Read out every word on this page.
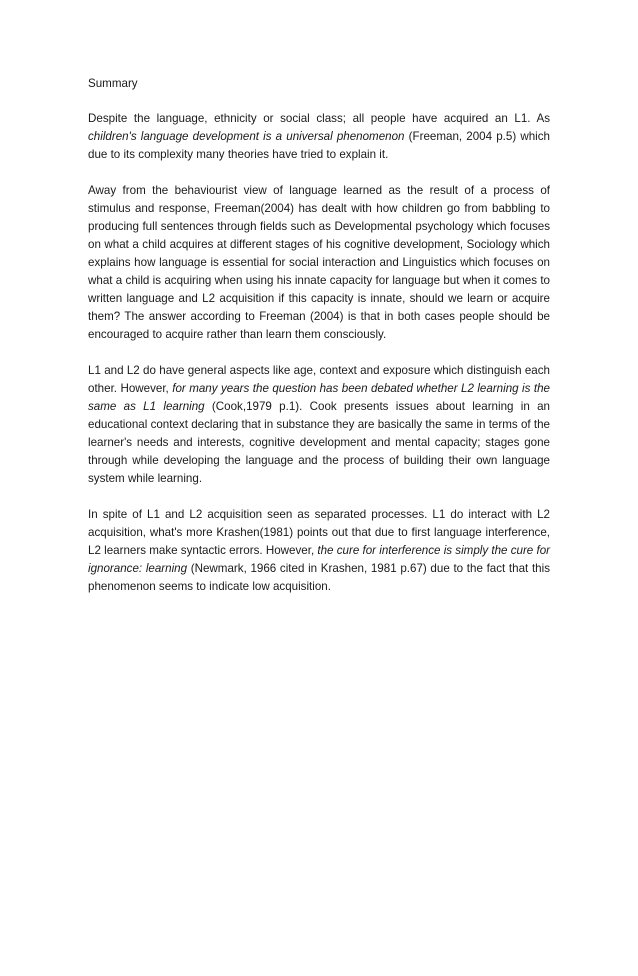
Summary

Despite the language, ethnicity or social class; all people have acquired an L1. As children's language development is a universal phenomenon (Freeman, 2004 p.5) which due to its complexity many theories have tried to explain it.

Away from the behaviourist view of language learned as the result of a process of stimulus and response, Freeman(2004) has dealt with how children go from babbling to producing full sentences through fields such as Developmental psychology which focuses on what a child acquires at different stages of his cognitive development, Sociology which explains how language is essential for social interaction and Linguistics which focuses on what a child is acquiring when using his innate capacity for language but when it comes to written language and L2 acquisition if this capacity is innate, should we learn or acquire them? The answer according to Freeman (2004) is that in both cases people should be encouraged to acquire rather than learn them consciously.

L1 and L2 do have general aspects like age, context and exposure which distinguish each other. However, for many years the question has been debated whether L2 learning is the same as L1 learning (Cook,1979 p.1). Cook presents issues about learning in an educational context declaring that in substance they are basically the same in terms of the learner's needs and interests, cognitive development and mental capacity; stages gone through while developing the language and the process of building their own language system while learning.

In spite of L1 and L2 acquisition seen as separated processes. L1 do interact with L2 acquisition, what's more Krashen(1981) points out that due to first language interference, L2 learners make syntactic errors. However, the cure for interference is simply the cure for ignorance: learning (Newmark, 1966 cited in Krashen, 1981 p.67) due to the fact that this phenomenon seems to indicate low acquisition.
